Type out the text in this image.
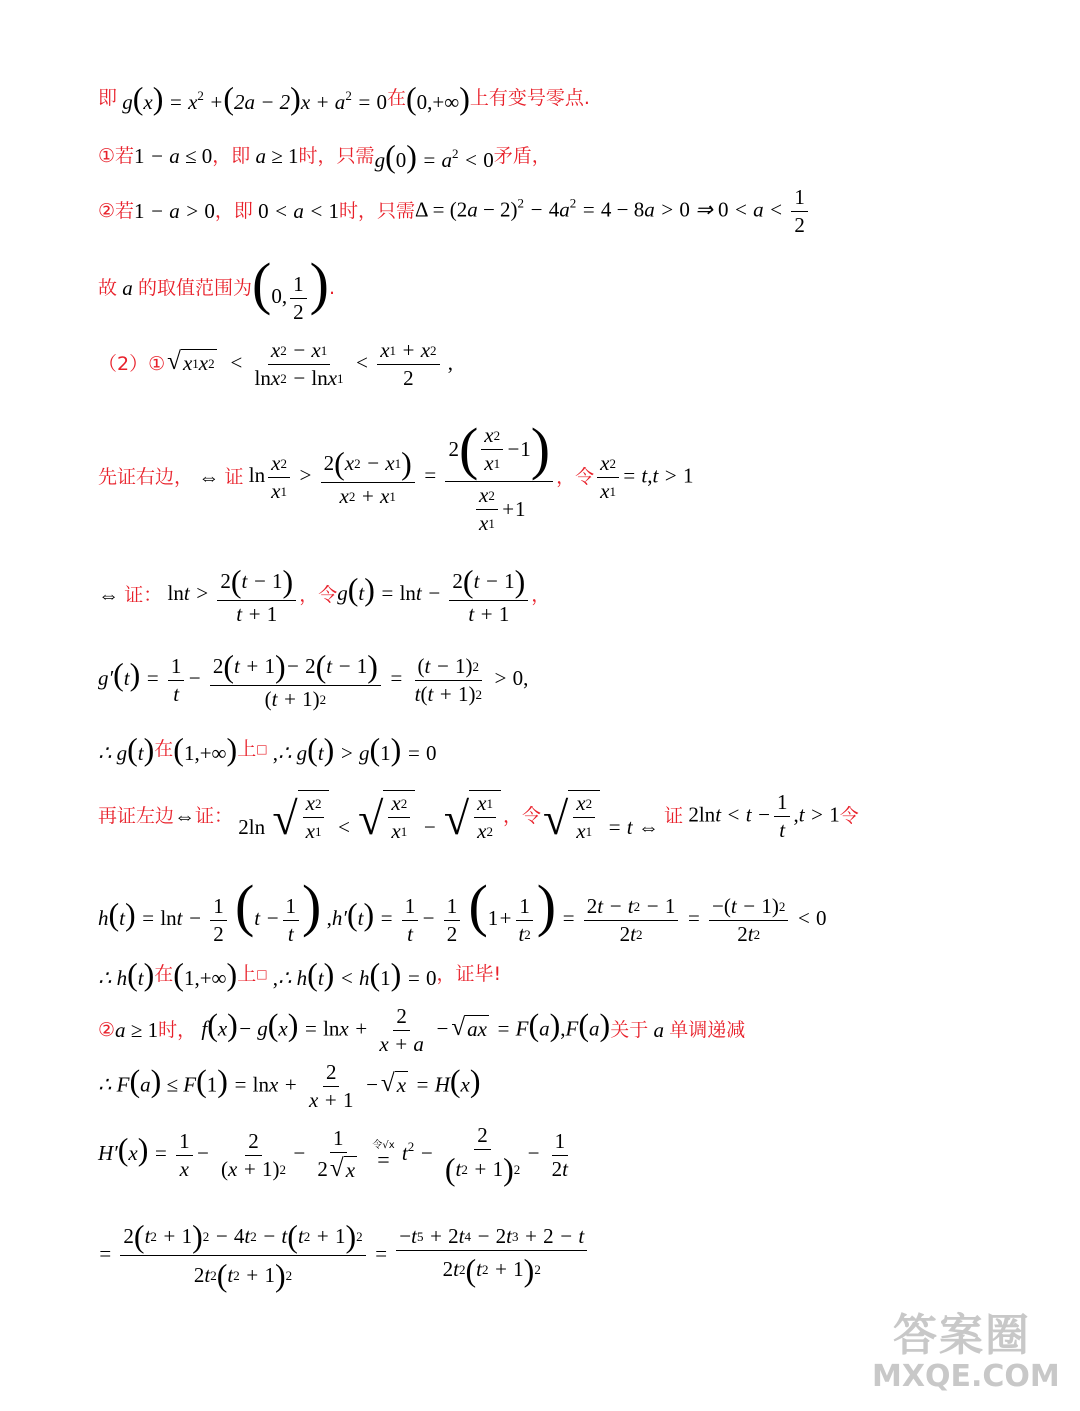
即 $g(x) = x^2 +(2a - 2)x + a^2 = 0$ 在 (0,+∞) 上有变号零点.
①若 1 − a ≤ 0 ，即 a ≥ 1 时，只需 $g(0) = a^2 < 0$ 矛盾，
②若 1 − a > 0 ，即 0 < a < 1 时，只需 $\Delta = (2a - 2)^2 - 4a^2 = 4 - 8a > 0$ ⇒ $0 < a < \frac{1}{2}$
故 a 的取值范围为 (0, $\frac{1}{2}$ ) .
（2）① √ x 1 x $2 < \frac{x 2 - x 1}{\text{ln x 2 − ln x 1}} < \frac{x 1 + x 2}{2}$ ,
先证右边， ⇔ 证 $\ln \frac{x 2}{x 1} > \frac{2 ( x 2 - x 1 )}{x 2 + x 1} = \frac{2 ( \frac{x 2}{x 1} - 1 )}{\frac{x 2}{x 1} + 1}$ ， 令 $\frac{x 2}{x 1} = t,t > 1$
⇔ 证： $\ln t > \frac{2 ( t - 1 )}{t + 1}$ ， 令 $g(t) = \ln t - \frac{2 ( t - 1 )}{t + 1}$ ，
$g'(t) = \frac{1}{t} - \frac{2 ( t + 1 ) - 2 ( t - 1 )}{( t + 1) 2} = \frac{( t - 1) 2}{t ( t + 1) 2} > 0$,
∴ g(t) 在 (1,+∞) 上 □ ,∴ g(t) > g(1) = 0
再证左边 ⇔ 证： 2ln √ $\frac{x 2}{x 1}$ < √ $\frac{x 2}{x 1}$ − √ $\frac{x 1}{x 2}$ ， 令 √ $\frac{x 2}{x 1} = t$ ⇔ 证 $2\ln t < t - \frac{1}{t} ,t > 1$ 令
$h(t) = \ln t - \frac{1}{2} (t - \frac{1}{t}$ ) $,h'(t) = \frac{1}{t} - \frac{1}{2} (1+ \frac{1}{t 2}$ ) = $\frac{2 t - t 2 - 1}{2 t 2} = \frac{-( t - 1) 2}{2 t 2} < 0$
∴ h(t) 在 (1,+∞) 上 □ ,∴ h(t) < h(1) = 0 ，证毕!
② a ≥ 1 时， $f(x)- g(x) = \ln x + \frac{2}{x + a}$ − √ ax = F(a),F(a) 关于 a 单调递减
∴ $F(a) \le F(1) = \ln x + \frac{2}{x + 1}$ − √ x = H(x)
$H'(x) = \frac{1}{x} - \frac{2}{( x + 1) 2} - \frac{1}{2 √ x}$
令√x
= $t^2 - \frac{2}{( t 2 + 1 ) 2} - \frac{1}{2 t}$
= $\frac{2 ( t 2 + 1 ) 2 - 4 t 2 - t ( t 2 + 1 ) 2}{2 t 2 ( t 2 + 1 ) 2} = \frac{- t 5 + 2 t 4 - 2 t 3 + 2 - t}{2 t 2 ( t 2 + 1 ) 2}$
答案圈
MXQE.COM
